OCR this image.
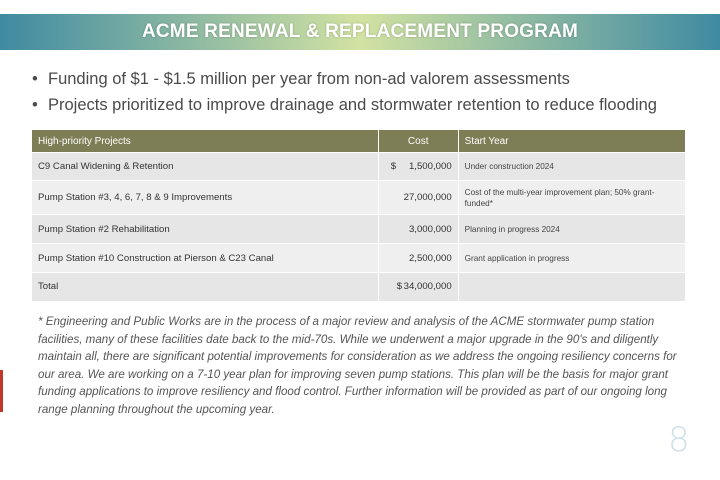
ACME RENEWAL & REPLACEMENT PROGRAM
• Funding of $1 - $1.5 million per year from non-ad valorem assessments
• Projects prioritized to improve drainage and stormwater retention to reduce flooding
High-priority Projects	Cost	Start Year
C9 Canal Widening & Retention	$ 1,500,000	Under construction 2024
Pump Station #3, 4, 6, 7, 8 & 9 Improvements	27,000,000	Cost of the multi-year improvement plan; 50% grant-funded*
Pump Station #2 Rehabilitation	3,000,000	Planning in progress 2024
Pump Station #10 Construction at Pierson & C23 Canal	2,500,000	Grant application in progress
Total	$ 34,000,000	

* Engineering and Public Works are in the process of a major review and analysis of the ACME stormwater pump station facilities, many of these facilities date back to the mid-70s. While we underwent a major upgrade in the 90's and diligently maintain all, there are significant potential improvements for consideration as we address the ongoing resiliency concerns for our area. We are working on a 7-10 year plan for improving seven pump stations. This plan will be the basis for major grant funding applications to improve resiliency and flood control. Further information will be provided as part of our ongoing long range planning throughout the upcoming year.

8
